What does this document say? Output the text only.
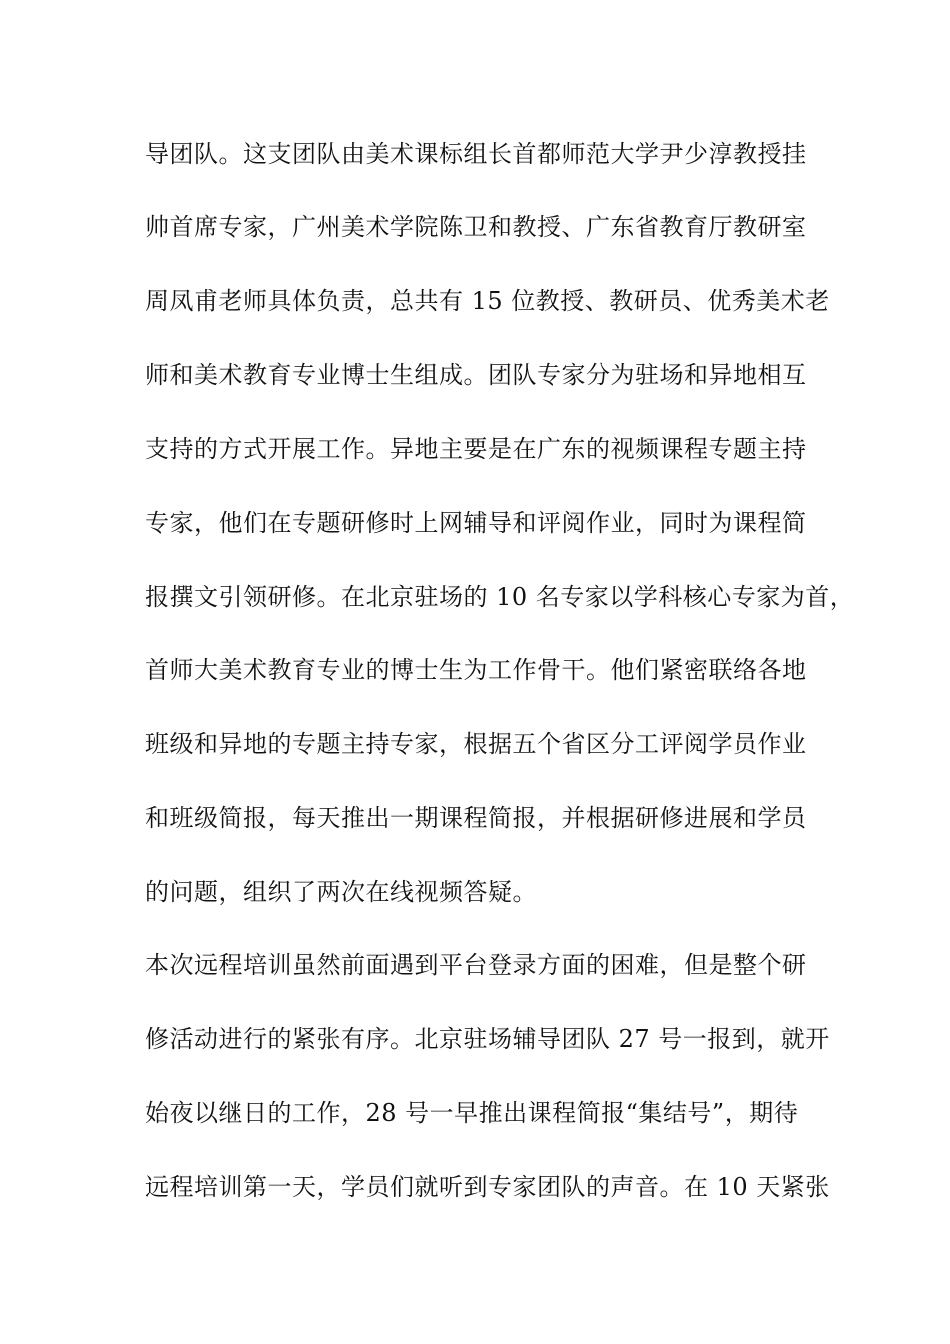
导团队。这支团队由美术课标组长首都师范大学尹少淳教授挂
帅首席专家，广州美术学院陈卫和教授、广东省教育厅教研室
周凤甫老师具体负责，总共有 15 位教授、教研员、优秀美术老
师和美术教育专业博士生组成。团队专家分为驻场和异地相互
支持的方式开展工作。异地主要是在广东的视频课程专题主持
专家，他们在专题研修时上网辅导和评阅作业，同时为课程简
报撰文引领研修。在北京驻场的 10 名专家以学科核心专家为首，
首师大美术教育专业的博士生为工作骨干。他们紧密联络各地
班级和异地的专题主持专家，根据五个省区分工评阅学员作业
和班级简报，每天推出一期课程简报，并根据研修进展和学员
的问题，组织了两次在线视频答疑。
本次远程培训虽然前面遇到平台登录方面的困难，但是整个研
修活动进行的紧张有序。北京驻场辅导团队 27 号一报到，就开
始夜以继日的工作，28 号一早推出课程简报“集结号”，期待
远程培训第一天，学员们就听到专家团队的声音。在 10 天紧张
